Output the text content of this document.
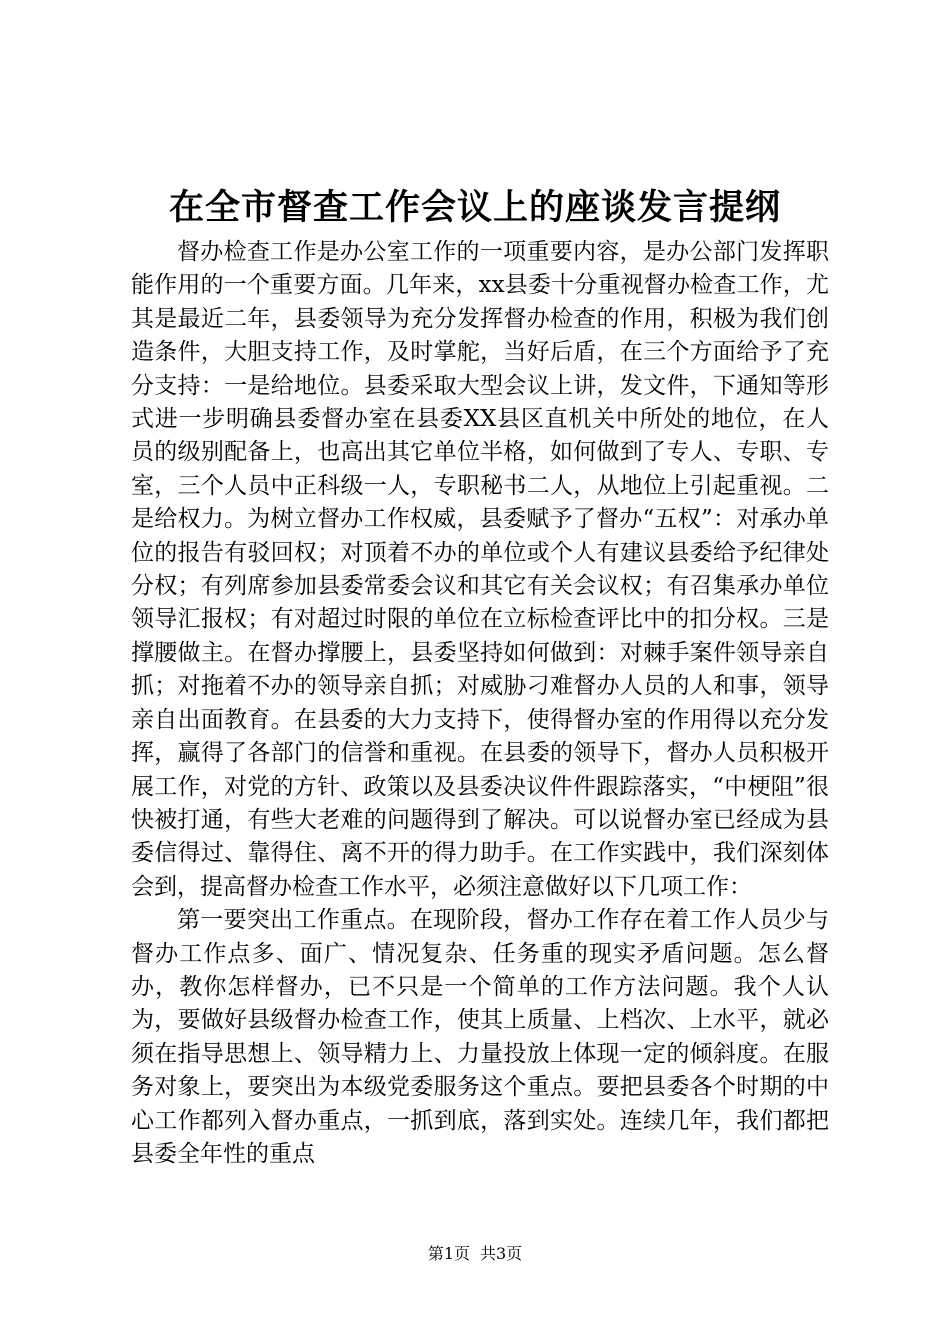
在全市督查工作会议上的座谈发言提纲

督办检查工作是办公室工作的一项重要内容，是办公部门发挥职能作用的一个重要方面。几年来，xx县委十分重视督办检查工作，尤其是最近二年，县委领导为充分发挥督办检查的作用，积极为我们创造条件，大胆支持工作，及时掌舵，当好后盾，在三个方面给予了充分支持：一是给地位。县委采取大型会议上讲，发文件，下通知等形式进一步明确县委督办室在县委XX县区直机关中所处的地位，在人员的级别配备上，也高出其它单位半格，如何做到了专人、专职、专室，三个人员中正科级一人，专职秘书二人，从地位上引起重视。二是给权力。为树立督办工作权威，县委赋予了督办“五权”：对承办单位的报告有驳回权；对顶着不办的单位或个人有建议县委给予纪律处分权；有列席参加县委常委会议和其它有关会议权；有召集承办单位领导汇报权；有对超过时限的单位在立标检查评比中的扣分权。三是撑腰做主。在督办撑腰上，县委坚持如何做到：对棘手案件领导亲自抓；对拖着不办的领导亲自抓；对威胁刁难督办人员的人和事，领导亲自出面教育。在县委的大力支持下，使得督办室的作用得以充分发挥，赢得了各部门的信誉和重视。在县委的领导下，督办人员积极开展工作，对党的方针、政策以及县委决议件件跟踪落实，“中梗阻”很快被打通，有些大老难的问题得到了解决。可以说督办室已经成为县委信得过、靠得住、离不开的得力助手。在工作实践中，我们深刻体会到，提高督办检查工作水平，必须注意做好以下几项工作：

第一要突出工作重点。在现阶段，督办工作存在着工作人员少与督办工作点多、面广、情况复杂、任务重的现实矛盾问题。怎么督办，教你怎样督办，已不只是一个简单的工作方法问题。我个人认为，要做好县级督办检查工作，使其上质量、上档次、上水平，就必须在指导思想上、领导精力上、力量投放上体现一定的倾斜度。在服务对象上，要突出为本级党委服务这个重点。要把县委各个时期的中心工作都列入督办重点，一抓到底，落到实处。连续几年，我们都把县委全年性的重点

第1页 共3页
